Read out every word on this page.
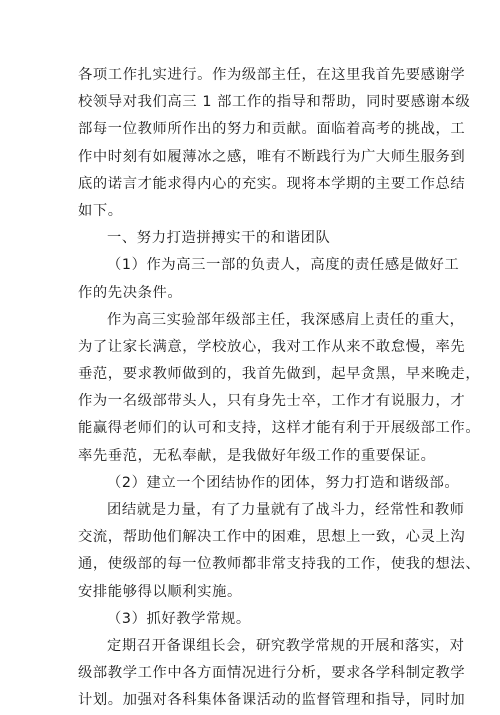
各项工作扎实进行。作为级部主任，在这里我首先要感谢学
校领导对我们高三 1 部工作的指导和帮助，同时要感谢本级
部每一位教师所作出的努力和贡献。面临着高考的挑战，工
作中时刻有如履薄冰之感，唯有不断践行为广大师生服务到
底的诺言才能求得内心的充实。现将本学期的主要工作总结
如下。
一、努力打造拼搏实干的和谐团队
（1）作为高三一部的负责人，高度的责任感是做好工
作的先决条件。
作为高三实验部年级部主任，我深感肩上责任的重大，
为了让家长满意，学校放心，我对工作从来不敢怠慢，率先
垂范，要求教师做到的，我首先做到，起早贪黑，早来晚走，
作为一名级部带头人，只有身先士卒，工作才有说服力，才
能赢得老师们的认可和支持，这样才能有利于开展级部工作。
率先垂范，无私奉献，是我做好年级工作的重要保证。
（2）建立一个团结协作的团体，努力打造和谐级部。
团结就是力量，有了力量就有了战斗力，经常性和教师
交流，帮助他们解决工作中的困难，思想上一致，心灵上沟
通，使级部的每一位教师都非常支持我的工作，使我的想法、
安排能够得以顺利实施。
（3）抓好教学常规。
定期召开备课组长会，研究教学常规的开展和落实，对
级部教学工作中各方面情况进行分析，要求各学科制定教学
计划。加强对各科集体备课活动的监督管理和指导，同时加
